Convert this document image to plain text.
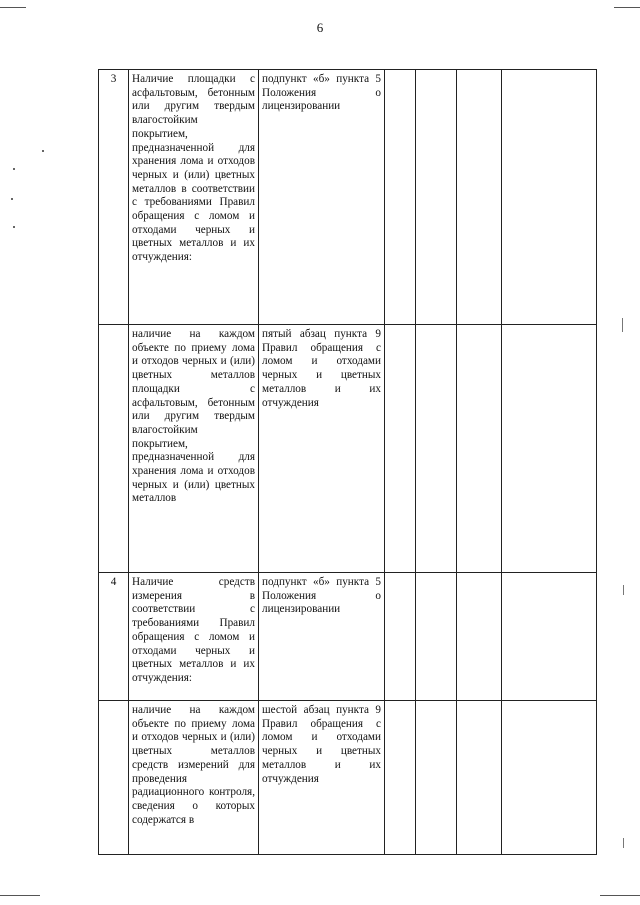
6
3	Наличие площадки с асфальтовым, бетонным или другим твердым влагостойким покрытием, предназначенной для хранения лома и отходов черных и (или) цветных металлов в соответствии с требованиями Правил обращения с ломом и отходами черных и цветных металлов и их отчуждения:	подпункт «б» пункта 5 Положения о лицензировании				
	наличие на каждом объекте по приему лома и отходов черных и (или) цветных металлов площадки с асфальтовым, бетонным или другим твердым влагостойким покрытием, предназначенной для хранения лома и отходов черных и (или) цветных металлов	пятый абзац пункта 9 Правил обращения с ломом и отходами черных и цветных металлов и их отчуждения				
4	Наличие средств измерения в соответствии с требованиями Правил обращения с ломом и отходами черных и цветных металлов и их отчуждения:	подпункт «б» пункта 5 Положения о лицензировании				
	наличие на каждом объекте по приему лома и отходов черных и (или) цветных металлов средств измерений для проведения радиационного контроля, сведения о которых содержатся в	шестой абзац пункта 9 Правил обращения с ломом и отходами черных и цветных металлов и их отчуждения				
